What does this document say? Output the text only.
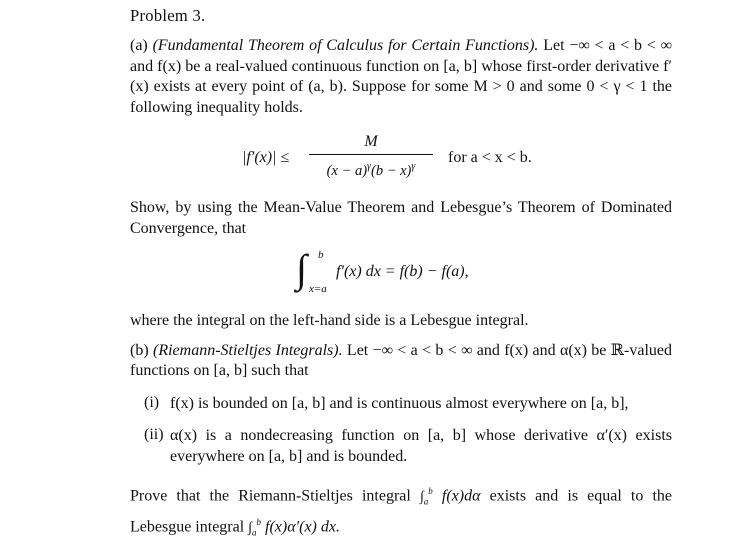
Problem 3.

(a) (Fundamental Theorem of Calculus for Certain Functions). Let −∞ < a < b < ∞ and f(x) be a real-valued continuous function on [a, b] whose first-order derivative f′(x) exists at every point of (a, b). Suppose for some M > 0 and some 0 < γ < 1 the following inequality holds.

|f′(x)| ≤
M
$(x - a)^\gamma(b - x)^\gamma$
for a < x < b.

Show, by using the Mean-Value Theorem and Lebesgue’s Theorem of Dominated Convergence, that

∫ b
x=a
f′(x) dx = f(b) − f(a),

where the integral on the left-hand side is a Lebesgue integral.

(b) (Riemann-Stieltjes Integrals). Let −∞ < a < b < ∞ and f(x) and α(x) be ℝ-valued functions on [a, b] such that

(i) f(x) is bounded on [a, b] and is continuous almost everywhere on [a, b],

(ii) α(x) is a nondecreasing function on [a, b] whose derivative α′(x) exists everywhere on [a, b] and is bounded.

Prove that the Riemann-Stieltjes integral $\int_a^b$ f(x)dα exists and is equal to the Lebesgue integral $\int_a^b$ f(x)α′(x) dx.
